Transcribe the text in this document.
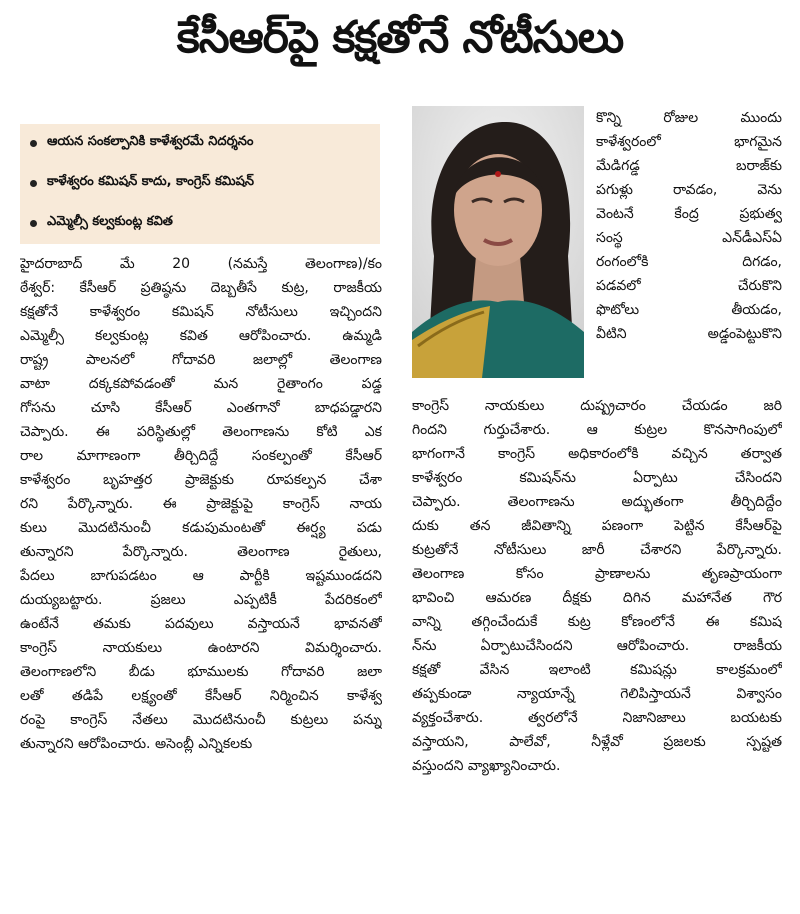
కేసీఆర్‌పై కక్షతోనే నోటీసులు
ఆయన సంకల్పానికి కాళేశ్వరమే నిదర్శనం
కాళేశ్వరం కమిషన్ కాదు, కాంగ్రెస్ కమిషన్
ఎమ్మెల్సీ కల్వకుంట్ల కవిత
హైదరాబాద్ మే 20 (నమస్తే తెలంగాణ)/కం
ఠేశ్వర్: కేసీఆర్ ప్రతిష్ఠను దెబ్బతీసే కుట్ర, రాజకీయ
కక్షతోనే కాళేశ్వరం కమిషన్ నోటీసులు ఇచ్చిందని
ఎమ్మెల్సీ కల్వకుంట్ల కవిత ఆరోపించారు. ఉమ్మడి
రాష్ట్ర పాలనలో గోదావరి జలాల్లో తెలంగాణ
వాటా దక్కకపోవడంతో మన రైతాంగం పడ్డ
గోసను చూసి కేసీఆర్ ఎంతగానో బాధపడ్డారని
చెప్పారు. ఈ పరిస్థితుల్లో తెలంగాణను కోటి ఎక
రాల మాగాణంగా తీర్చిదిద్దే సంకల్పంతో కేసీఆర్
కాళేశ్వరం బృహత్తర ప్రాజెక్టుకు రూపకల్పన చేశా
రని పేర్కొన్నారు. ఈ ప్రాజెక్టుపై కాంగ్రెస్ నాయ
కులు మొదటినుంచీ కడుపుమంటతో ఈర్ష్య పడు
తున్నారని పేర్కొన్నారు. తెలంగాణ రైతులు,
పేదలు బాగుపడటం ఆ పార్టీకి ఇష్టముండదని
దుయ్యబట్టారు. ప్రజలు ఎప్పటికీ పేదరికంలో
ఉంటేనే తమకు పదవులు వస్తాయనే భావనతో
కాంగ్రెస్ నాయకులు ఉంటారని విమర్శించారు.
తెలంగాణలోని బీడు భూములకు గోదావరి జలా
లతో తడిపే లక్ష్యంతో కేసీఆర్ నిర్మించిన కాళేశ్వ
రంపై కాంగ్రెస్ నేతలు మొదటినుంచీ కుట్రలు పన్ను
తున్నారని ఆరోపించారు. అసెంబ్లీ ఎన్నికలకు
కొన్ని రోజుల ముందు
కాళేశ్వరంలో భాగమైన
మేడిగడ్డ బరాజ్‌కు
పగుళ్లు రావడం, వెను
వెంటనే కేంద్ర ప్రభుత్వ
సంస్థ ఎన్‌డీఎస్‌ఏ
రంగంలోకి దిగడం,
పడవలో చేరుకొని
ఫొటోలు తీయడం,
వీటిని అడ్డంపెట్టుకొని
కాంగ్రెస్ నాయకులు దుష్ప్రచారం చేయడం జరి
గిందని గుర్తుచేశారు. ఆ కుట్రల కొనసాగింపులో
భాగంగానే కాంగ్రెస్ అధికారంలోకి వచ్చిన తర్వాత
కాళేశ్వరం కమిషన్‌ను ఏర్పాటు చేసిందని
చెప్పారు. తెలంగాణను అద్భుతంగా తీర్చిదిద్దేం
దుకు తన జీవితాన్ని పణంగా పెట్టిన కేసీఆర్‌పై
కుట్రతోనే నోటీసులు జారీ చేశారని పేర్కొన్నారు.
తెలంగాణ కోసం ప్రాణాలను తృణప్రాయంగా
భావించి ఆమరణ దీక్షకు దిగిన మహానేత గౌర
వాన్ని తగ్గించేందుకే కుట్ర కోణంలోనే ఈ కమిష
న్‌ను ఏర్పాటుచేసిందని ఆరోపించారు. రాజకీయ
కక్షతో వేసిన ఇలాంటి కమిషన్లు కాలక్రమంలో
తప్పకుండా న్యాయాన్నే గెలిపిస్తాయనే విశ్వాసం
వ్యక్తంచేశారు. త్వరలోనే నిజానిజాలు బయటకు
వస్తాయని, పాలేవో, నీళ్లేవో ప్రజలకు స్పష్టత
వస్తుందని వ్యాఖ్యానించారు.
